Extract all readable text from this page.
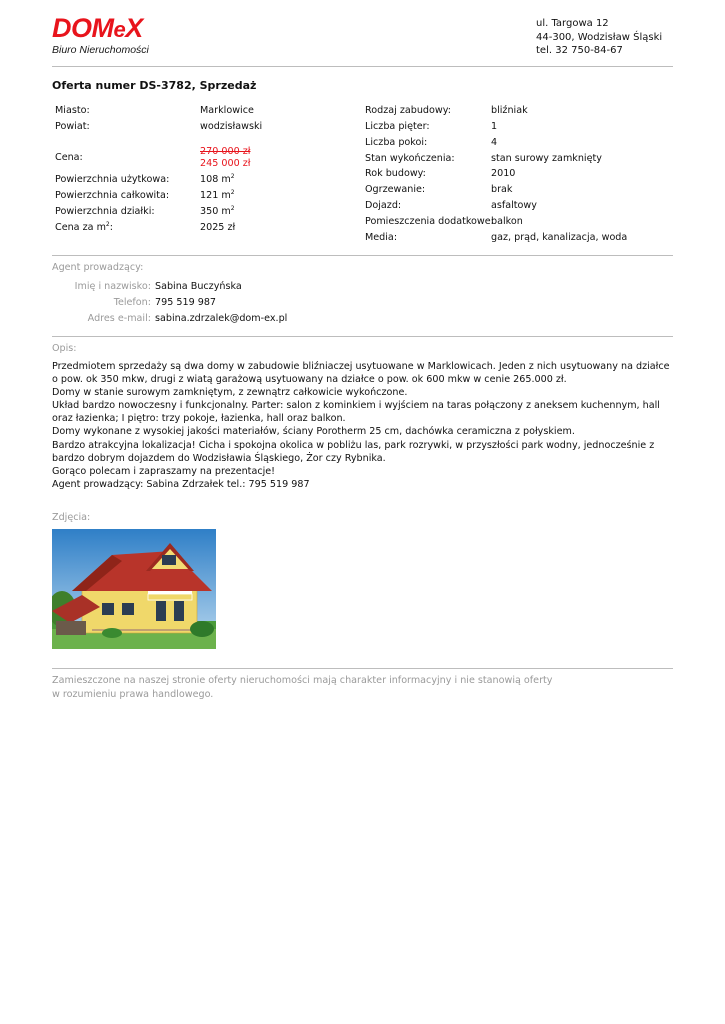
DOMeX
Biuro Nieruchomości
ul. Targowa 12
44-300, Wodzisław Śląski
tel. 32 750-84-67
Oferta numer DS-3782, Sprzedaż
Miasto:	Marklowice
Powiat:	wodzisławski
Cena:
270 000 zł
245 000 zł
Powierzchnia użytkowa:	108 $m^2$
Powierzchnia całkowita:	121 $m^2$
Powierzchnia działki:	350 $m^2$
Cena za $m^2$:	2025 zł
Rodzaj zabudowy:	bliźniak
Liczba pięter:	1
Liczba pokoi:	4
Stan wykończenia:	stan surowy zamknięty
Rok budowy:	2010
Ogrzewanie:	brak
Dojazd:	asfaltowy
Pomieszczenia dodatkowe:
balkon
Media:	gaz, prąd, kanalizacja, woda
Agent prowadzący:
Imię i nazwisko: Sabina Buczyńska
Telefon: 795 519 987
Adres e-mail: sabina.zdrzalek@dom-ex.pl
Opis:

Przedmiotem sprzedaży są dwa domy w zabudowie bliźniaczej usytuowane w Marklowicach. Jeden z nich usytuowany na działce o pow. ok 350 mkw, drugi z wiatą garażową usytuowany na działce o pow. ok 600 mkw w cenie 265.000 zł.

Domy w stanie surowym zamkniętym, z zewnątrz całkowicie wykończone.

Układ bardzo nowoczesny i funkcjonalny. Parter: salon z kominkiem i wyjściem na taras połączony z aneksem kuchennym, hall oraz łazienka; I piętro: trzy pokoje, łazienka, hall oraz balkon.

Domy wykonane z wysokiej jakości materiałów, ściany Porotherm 25 cm, dachówka ceramiczna z połyskiem.

Bardzo atrakcyjna lokalizacja! Cicha i spokojna okolica w pobliżu las, park rozrywki, w przyszłości park wodny, jednocześnie z bardzo dobrym dojazdem do Wodzisławia Śląskiego, Żor czy Rybnika.

Gorąco polecam i zapraszamy na prezentacje!

Agent prowadzący: Sabina Zdrzałek tel.: 795 519 987

Zdjęcia:
Zamieszczone na naszej stronie oferty nieruchomości mają charakter informacyjny i nie stanowią oferty
w rozumieniu prawa handlowego.
